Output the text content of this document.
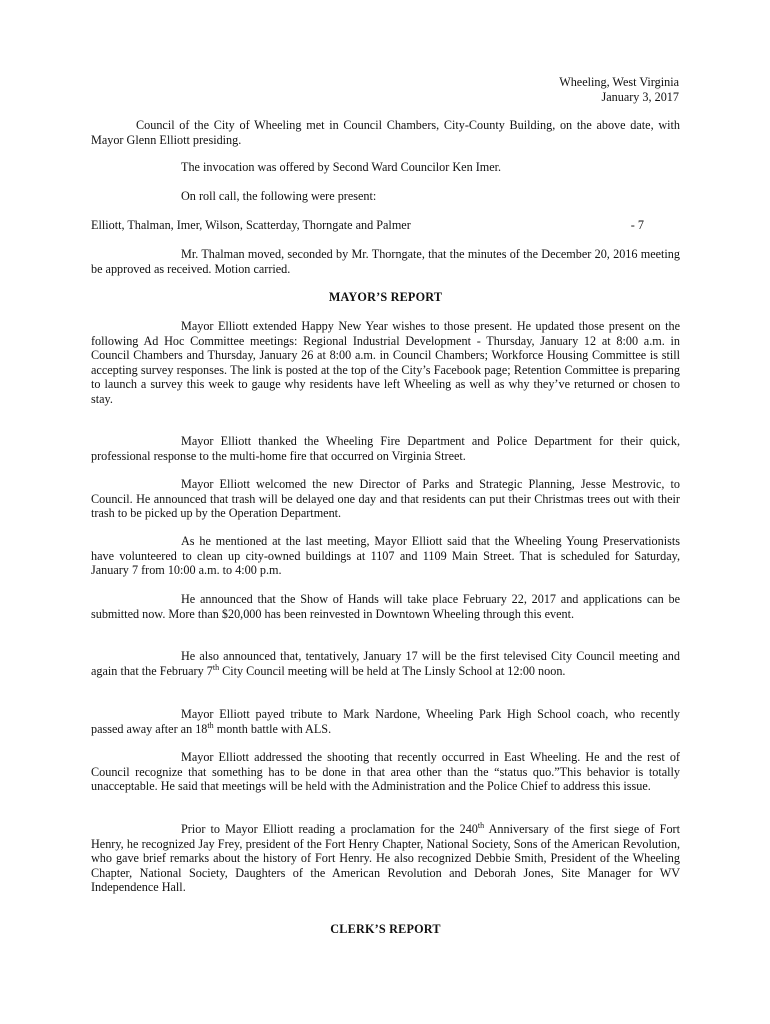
Wheeling, West Virginia
January 3, 2017

Council of the City of Wheeling met in Council Chambers, City-County Building, on the above date, with Mayor Glenn Elliott presiding.

The invocation was offered by Second Ward Councilor Ken Imer.

On roll call, the following were present:

Elliott, Thalman, Imer, Wilson, Scatterday, Thorngate and Palmer	- 7

Mr. Thalman moved, seconded by Mr. Thorngate, that the minutes of the December 20, 2016 meeting be approved as received. Motion carried.

MAYOR’S REPORT

Mayor Elliott extended Happy New Year wishes to those present. He updated those present on the following Ad Hoc Committee meetings: Regional Industrial Development - Thursday, January 12 at 8:00 a.m. in Council Chambers and Thursday, January 26 at 8:00 a.m. in Council Chambers; Workforce Housing Committee is still accepting survey responses. The link is posted at the top of the City’s Facebook page; Retention Committee is preparing to launch a survey this week to gauge why residents have left Wheeling as well as why they’ve returned or chosen to stay.

Mayor Elliott thanked the Wheeling Fire Department and Police Department for their quick, professional response to the multi-home fire that occurred on Virginia Street.

Mayor Elliott welcomed the new Director of Parks and Strategic Planning, Jesse Mestrovic, to Council. He announced that trash will be delayed one day and that residents can put their Christmas trees out with their trash to be picked up by the Operation Department.

As he mentioned at the last meeting, Mayor Elliott said that the Wheeling Young Preservationists have volunteered to clean up city-owned buildings at 1107 and 1109 Main Street. That is scheduled for Saturday, January 7 from 10:00 a.m. to 4:00 p.m.

He announced that the Show of Hands will take place February 22, 2017 and applications can be submitted now. More than $20,000 has been reinvested in Downtown Wheeling through this event.

He also announced that, tentatively, January 17 will be the first televised City Council meeting and again that the February 7th City Council meeting will be held at The Linsly School at 12:00 noon.

Mayor Elliott payed tribute to Mark Nardone, Wheeling Park High School coach, who recently passed away after an 18th month battle with ALS.

Mayor Elliott addressed the shooting that recently occurred in East Wheeling. He and the rest of Council recognize that something has to be done in that area other than the “status quo.”This behavior is totally unacceptable. He said that meetings will be held with the Administration and the Police Chief to address this issue.

Prior to Mayor Elliott reading a proclamation for the 240th Anniversary of the first siege of Fort Henry, he recognized Jay Frey, president of the Fort Henry Chapter, National Society, Sons of the American Revolution, who gave brief remarks about the history of Fort Henry. He also recognized Debbie Smith, President of the Wheeling Chapter, National Society, Daughters of the American Revolution and Deborah Jones, Site Manager for WV Independence Hall.

CLERK’S REPORT
